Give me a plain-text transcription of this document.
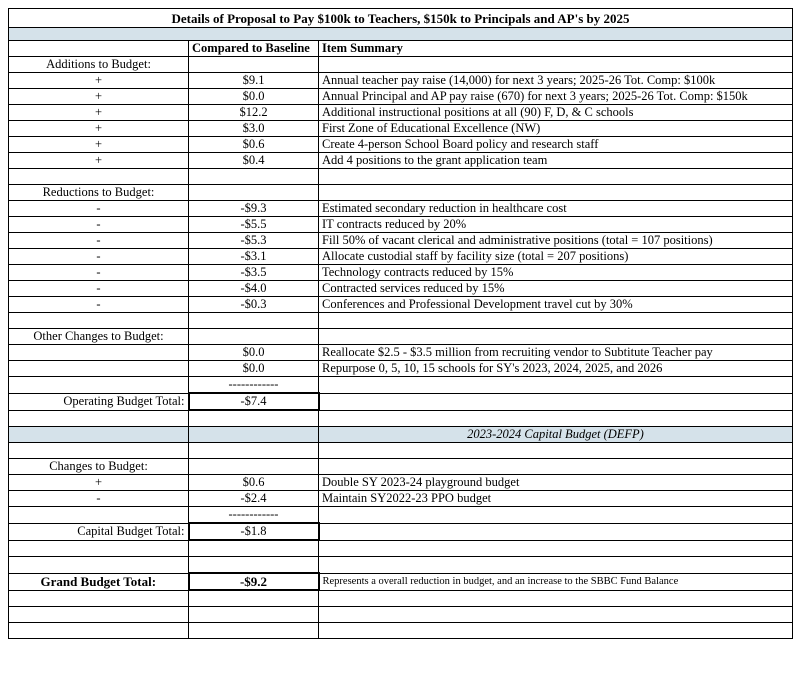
Details of Proposal to Pay $100k to Teachers, $150k to Principals and AP's by 2025		

	Compared to Baseline	Item Summary
Additions to Budget:		
+	$9.1	Annual teacher pay raise (14,000) for next 3 years; 2025-26 Tot. Comp: $100k
+	$0.0	Annual Principal and AP pay raise (670) for next 3 years; 2025-26 Tot. Comp: $150k
+	$12.2	Additional instructional positions at all (90) F, D, & C schools
+	$3.0	First Zone of Educational Excellence (NW)
+	$0.6	Create 4-person School Board policy and research staff
+	$0.4	Add 4 positions to the grant application team

Reductions to Budget:		
-	-$9.3	Estimated secondary reduction in healthcare cost
-	-$5.5	IT contracts reduced by 20%
-	-$5.3	Fill 50% of vacant clerical and administrative positions (total = 107 positions)
-	-$3.1	Allocate custodial staff by facility size (total = 207 positions)
-	-$3.5	Technology contracts reduced by 15%
-	-$4.0	Contracted services reduced by 15%
-	-$0.3	Conferences and Professional Development travel cut by 30%

Other Changes to Budget:		
	$0.0	Reallocate $2.5 - $3.5 million from recruiting vendor to Subtitute Teacher pay
	$0.0	Repurpose 0, 5, 10, 15 schools for SY's 2023, 2024, 2025, and 2026
	------------	
Operating Budget Total:	-$7.4	

		2023-2024 Capital Budget (DEFP)

Changes to Budget:		
+	$0.6	Double SY 2023-24 playground budget
-	-$2.4	Maintain SY2022-23 PPO budget
	------------	
Capital Budget Total:	-$1.8	

Grand Budget Total:	-$9.2	Represents a overall reduction in budget, and an increase to the SBBC Fund Balance
